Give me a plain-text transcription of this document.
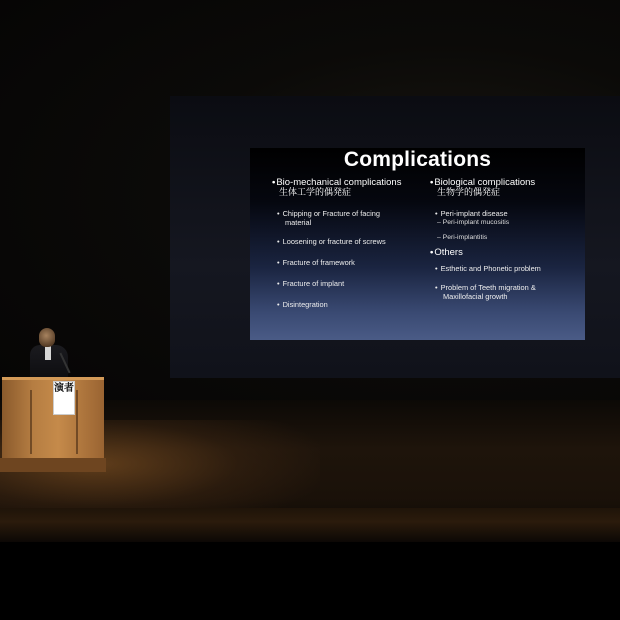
Complications
•Bio-mechanical complications
生体工学的偶発症
• Chipping or Fracture of facing
material
• Loosening or fracture of screws
• Fracture of framework
• Fracture of implant
• Disintegration
•Biological complications
生物学的偶発症
• Peri-implant disease
– Peri-implant mucositis
– Peri-implantitis
•Others
• Esthetic and Phonetic problem
• Problem of Teeth migration &
Maxillofacial growth
演者
